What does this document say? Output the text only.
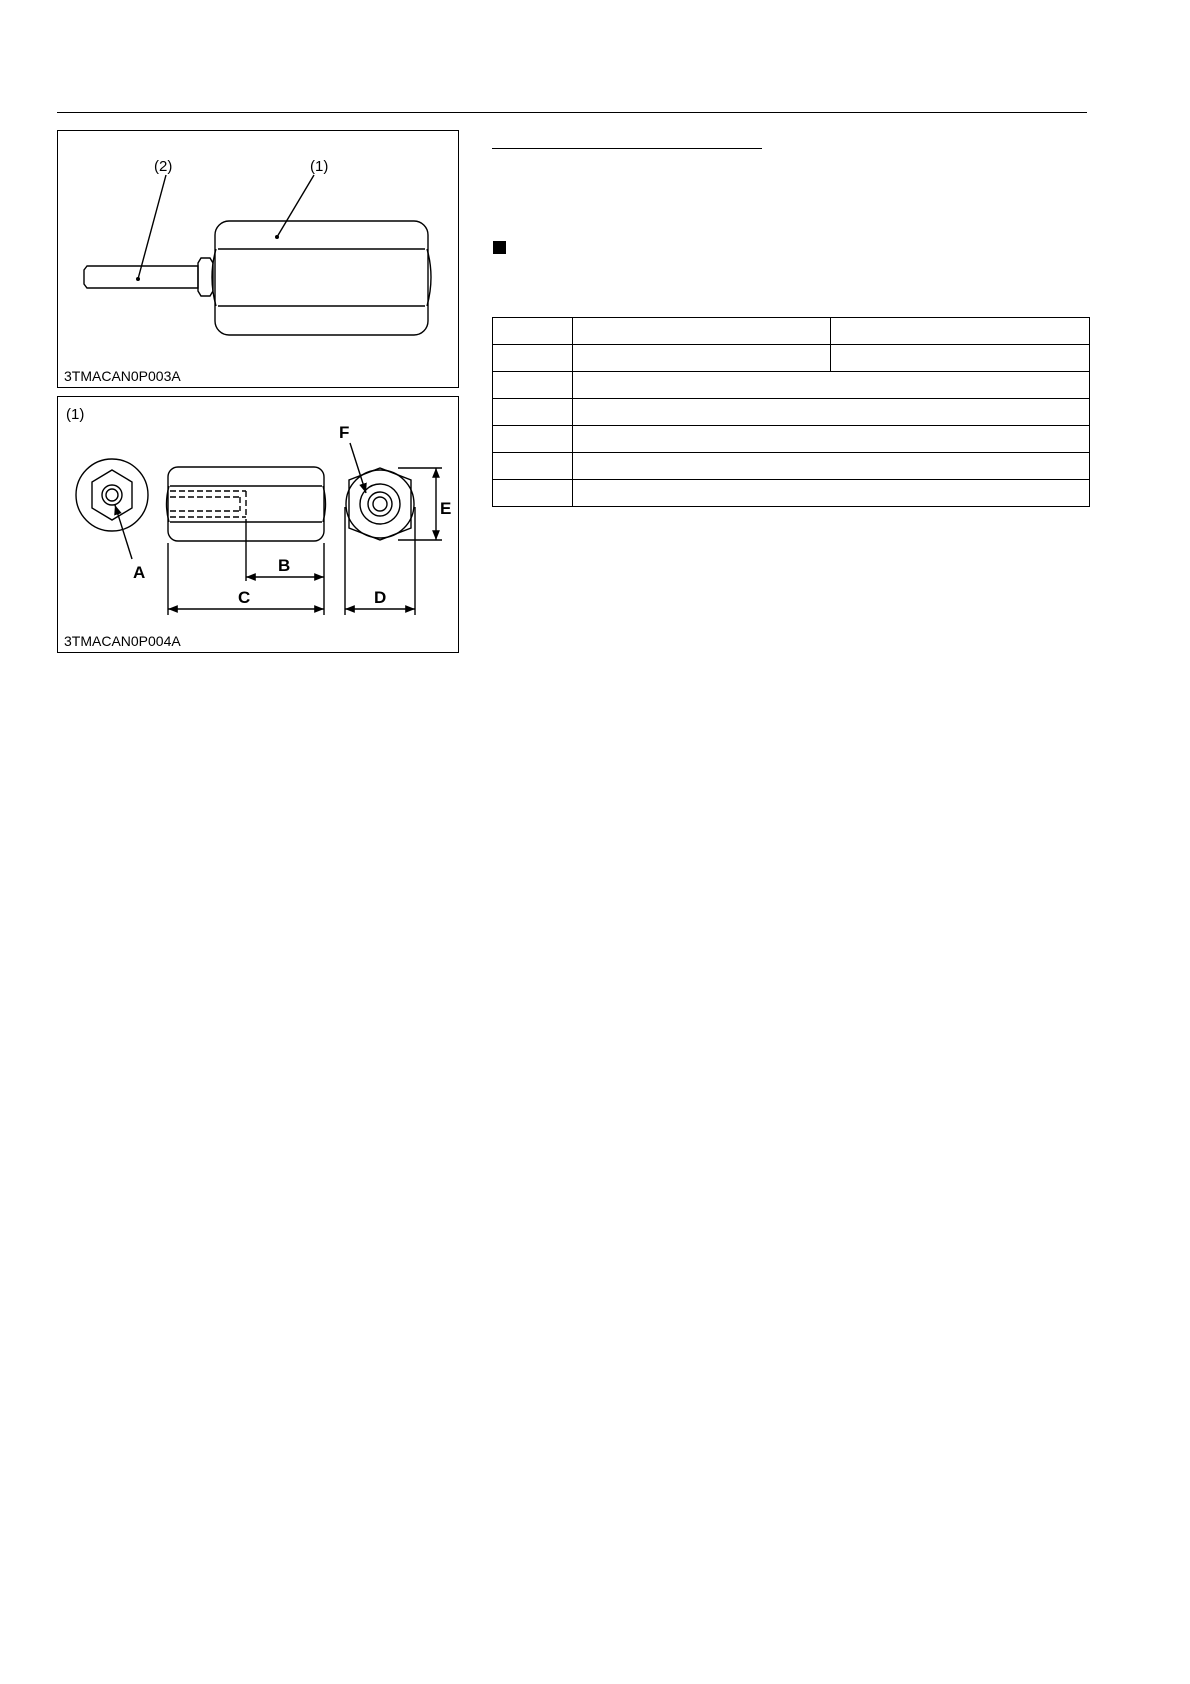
(2)	(1)
3TMACAN0P003A
(1)
A	B
C	D
E
F
3TMACAN0P004A
